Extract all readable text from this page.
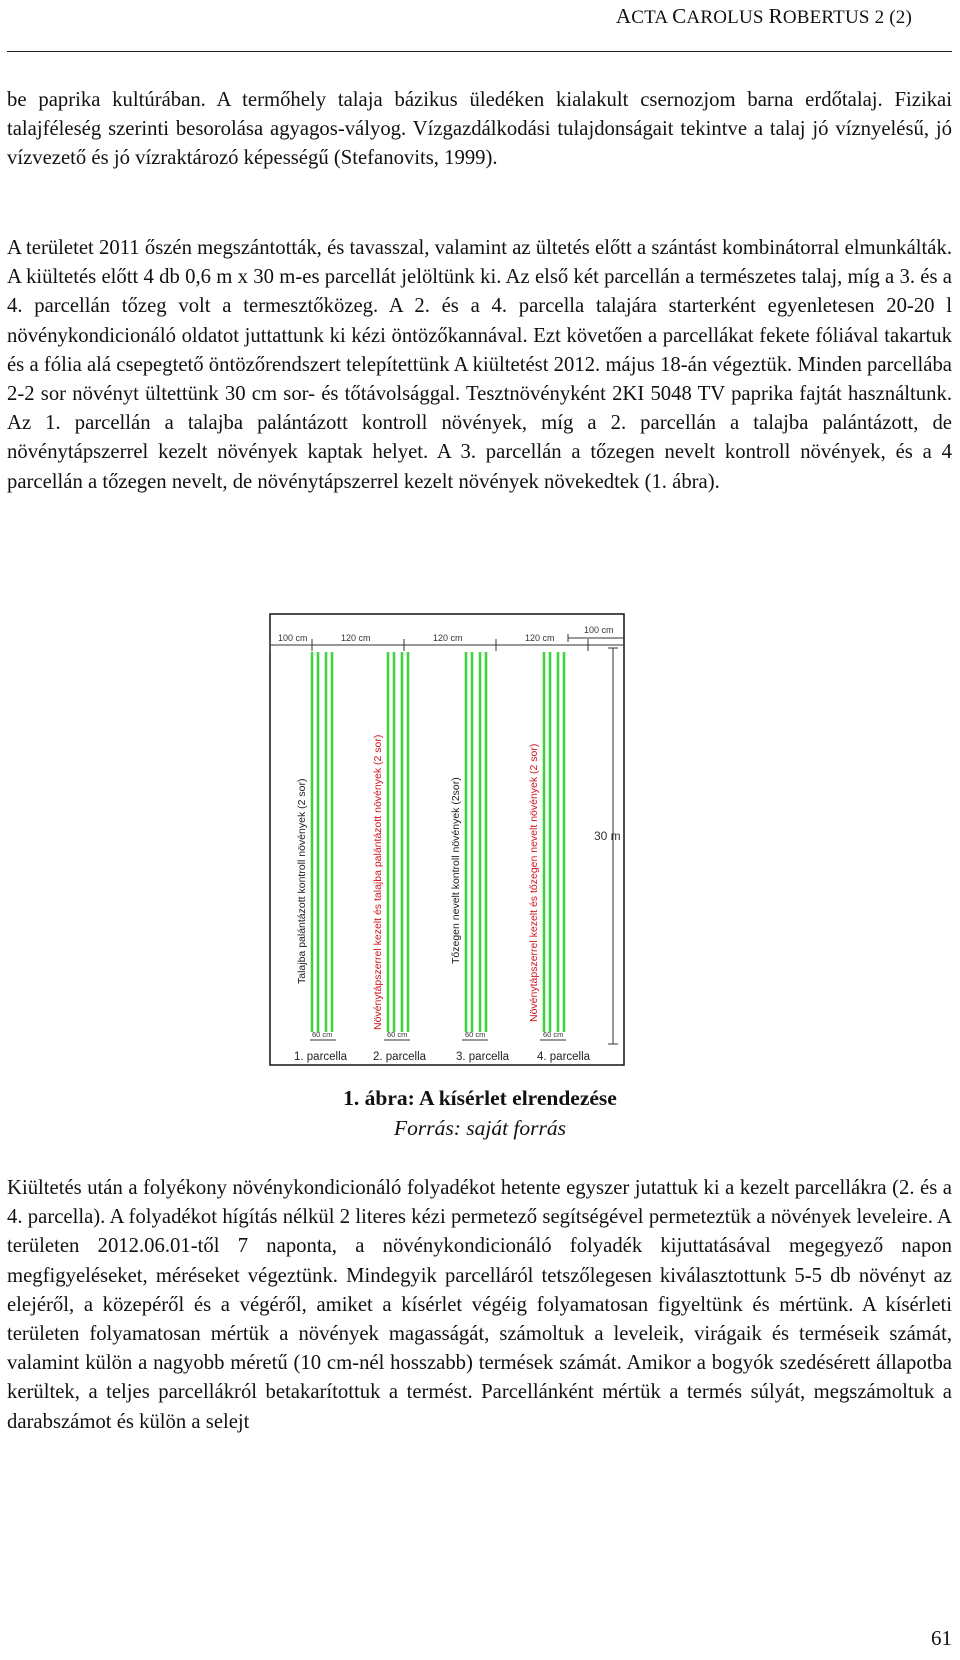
ACTA CAROLUS ROBERTUS 2 (2)

be paprika kultúrában. A termőhely talaja bázikus üledéken kialakult csernozjom barna erdőtalaj. Fizikai talajféleség szerinti besorolása agyagos-vályog. Vízgazdálkodási tulajdonságait tekintve a talaj jó víznyelésű, jó vízvezető és jó vízraktározó képességű (Stefanovits, 1999).

A területet 2011 őszén megszántották, és tavasszal, valamint az ültetés előtt a szántást kombinátorral elmunkálták. A kiültetés előtt 4 db 0,6 m x 30 m-es parcellát jelöltünk ki. Az első két parcellán a természetes talaj, míg a 3. és a 4. parcellán tőzeg volt a termesztőközeg. A 2. és a 4. parcella talajára starterként egyenletesen 20-20 l növénykondicionáló oldatot juttattunk ki kézi öntözőkannával. Ezt követően a parcellákat fekete fóliával takartuk és a fólia alá csepegtető öntözőrendszert telepítettünk A kiültetést 2012. május 18-án végeztük. Minden parcellába 2-2 sor növényt ültettünk 30 cm sor- és tőtávolsággal. Tesztnövényként 2KI 5048 TV paprika fajtát használtunk. Az 1. parcellán a talajba palántázott kontroll növények, míg a 2. parcellán a talajba palántázott, de növénytápszerrel kezelt növények kaptak helyet. A 3. parcellán a tőzegen nevelt kontroll növények, és a 4 parcellán a tőzegen nevelt, de növénytápszerrel kezelt növények növekedtek (1. ábra).

100 cm	120 cm	120 cm	120 cm
100 cm
30 m
Talajba palántázott kontroll növények (2 sor)
60 cm
1. parcella
Növénytápszerrel kezelt és talajba palántázott növények (2 sor)
60 cm
2. parcella
Tőzegen nevelt kontroll növények (2sor)
60 cm
3. parcella
Növénytápszerrel kezelt és tőzegen nevelt növények (2 sor)
60 cm
4. parcella
1. ábra: A kísérlet elrendezése
Forrás: saját forrás

Kiültetés után a folyékony növénykondicionáló folyadékot hetente egyszer jutattuk ki a kezelt parcellákra (2. és a 4. parcella). A folyadékot hígítás nélkül 2 literes kézi permetező segítségével permeteztük a növények leveleire. A területen 2012.06.01-től 7 naponta, a növénykondicionáló folyadék kijuttatásával megegyező napon megfigyeléseket, méréseket végeztünk. Mindegyik parcelláról tetszőlegesen kiválasztottunk 5-5 db növényt az elejéről, a közepéről és a végéről, amiket a kísérlet végéig folyamatosan figyeltünk és mértünk. A kísérleti területen folyamatosan mértük a növények magasságát, számoltuk a leveleik, virágaik és terméseik számát, valamint külön a nagyobb méretű (10 cm-nél hosszabb) termések számát. Amikor a bogyók szedésérett állapotba kerültek, a teljes parcellákról betakarítottuk a termést. Parcellánként mértük a termés súlyát, megszámoltuk a darabszámot és külön a selejt

61
